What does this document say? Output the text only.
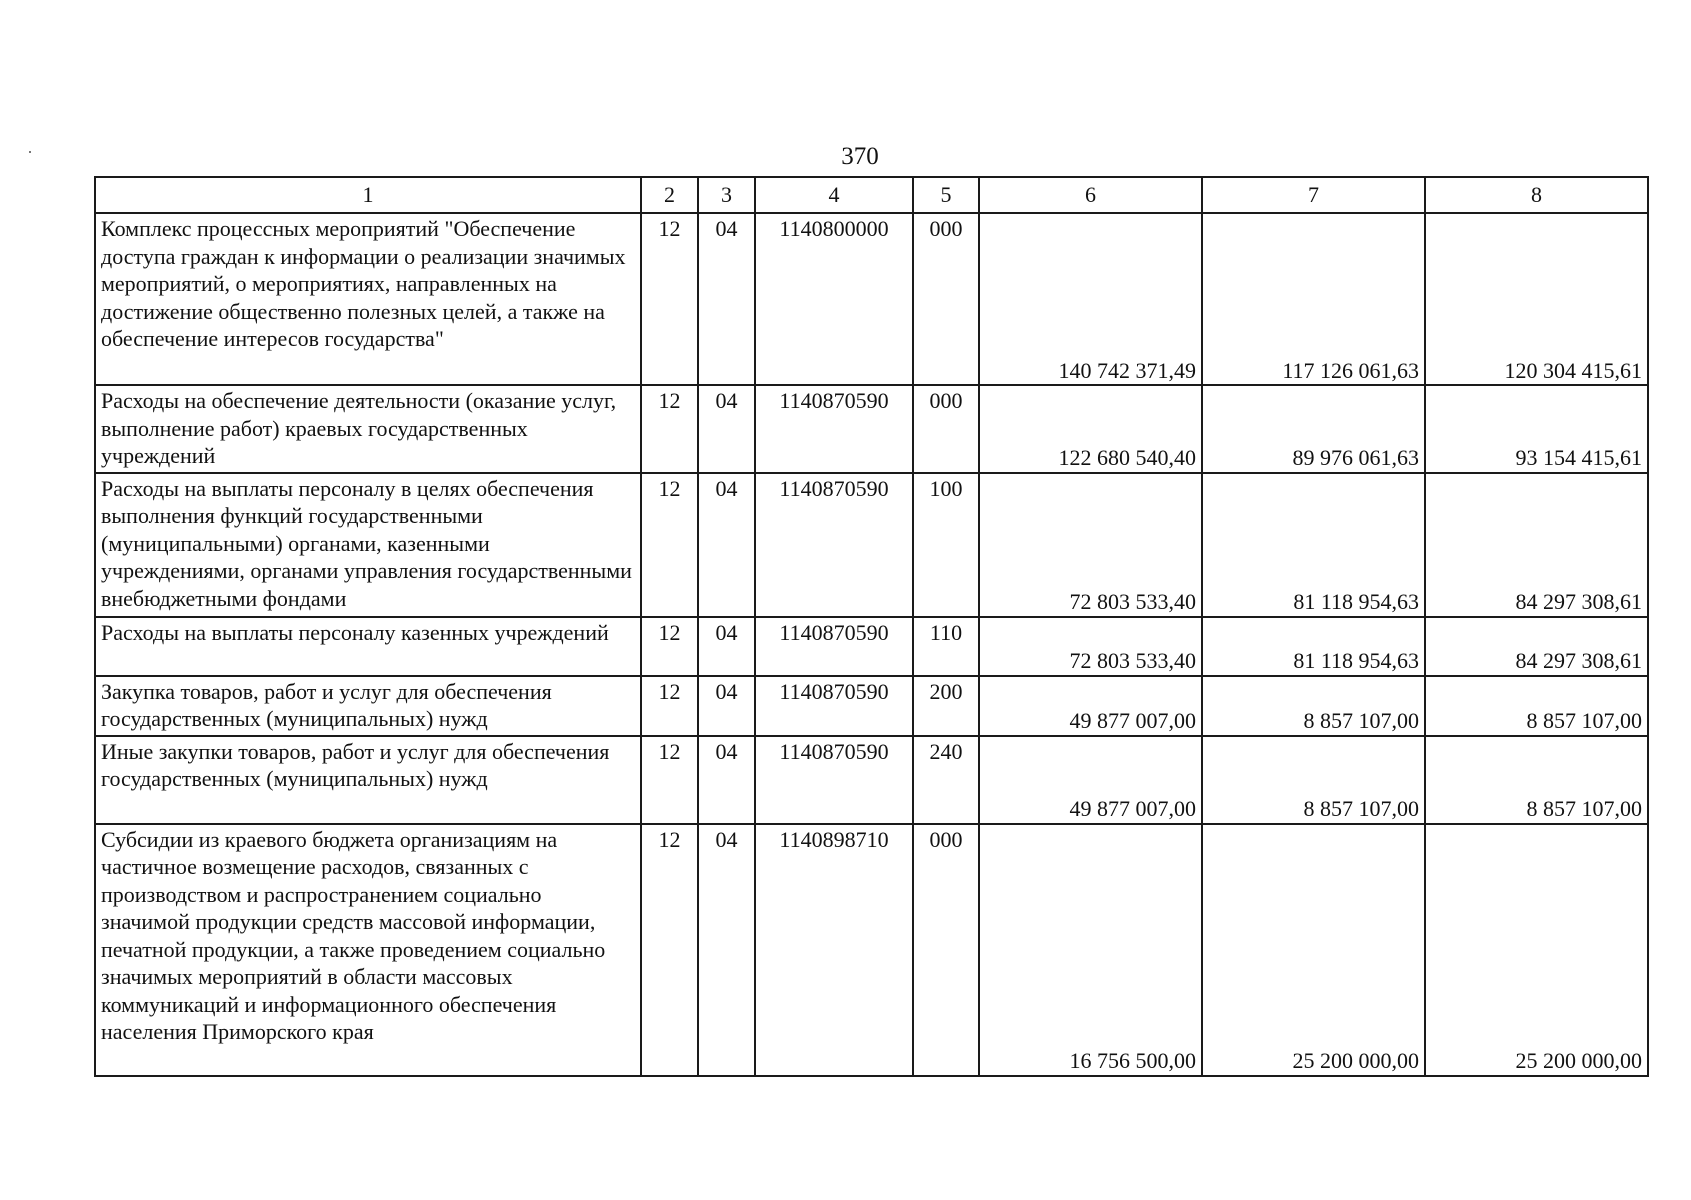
370
1	2	3	4	5	6	7	8
Комплекс процессных мероприятий "Обеспечение доступа граждан к информации о реализации значимых мероприятий, о мероприятиях, направленных на достижение общественно полезных целей, а также на обеспечение интересов государства"	12	04	1140800000	000	140 742 371,49	117 126 061,63	120 304 415,61
Расходы на обеспечение деятельности (оказание услуг, выполнение работ) краевых государственных учреждений	12	04	1140870590	000	122 680 540,40	89 976 061,63	93 154 415,61
Расходы на выплаты персоналу в целях обеспечения выполнения функций государственными (муниципальными) органами, казенными учреждениями, органами управления государственными внебюджетными фондами	12	04	1140870590	100	72 803 533,40	81 118 954,63	84 297 308,61
Расходы на выплаты персоналу казенных учреждений	12	04	1140870590	110	72 803 533,40	81 118 954,63	84 297 308,61
Закупка товаров, работ и услуг для обеспечения государственных (муниципальных) нужд	12	04	1140870590	200	49 877 007,00	8 857 107,00	8 857 107,00
Иные закупки товаров, работ и услуг для обеспечения государственных (муниципальных) нужд	12	04	1140870590	240	49 877 007,00	8 857 107,00	8 857 107,00
Субсидии из краевого бюджета организациям на частичное возмещение расходов, связанных с производством и распространением социально значимой продукции средств массовой информации, печатной продукции, а также проведением социально значимых мероприятий в области массовых коммуникаций и информационного обеспечения населения Приморского края	12	04	1140898710	000	16 756 500,00	25 200 000,00	25 200 000,00
